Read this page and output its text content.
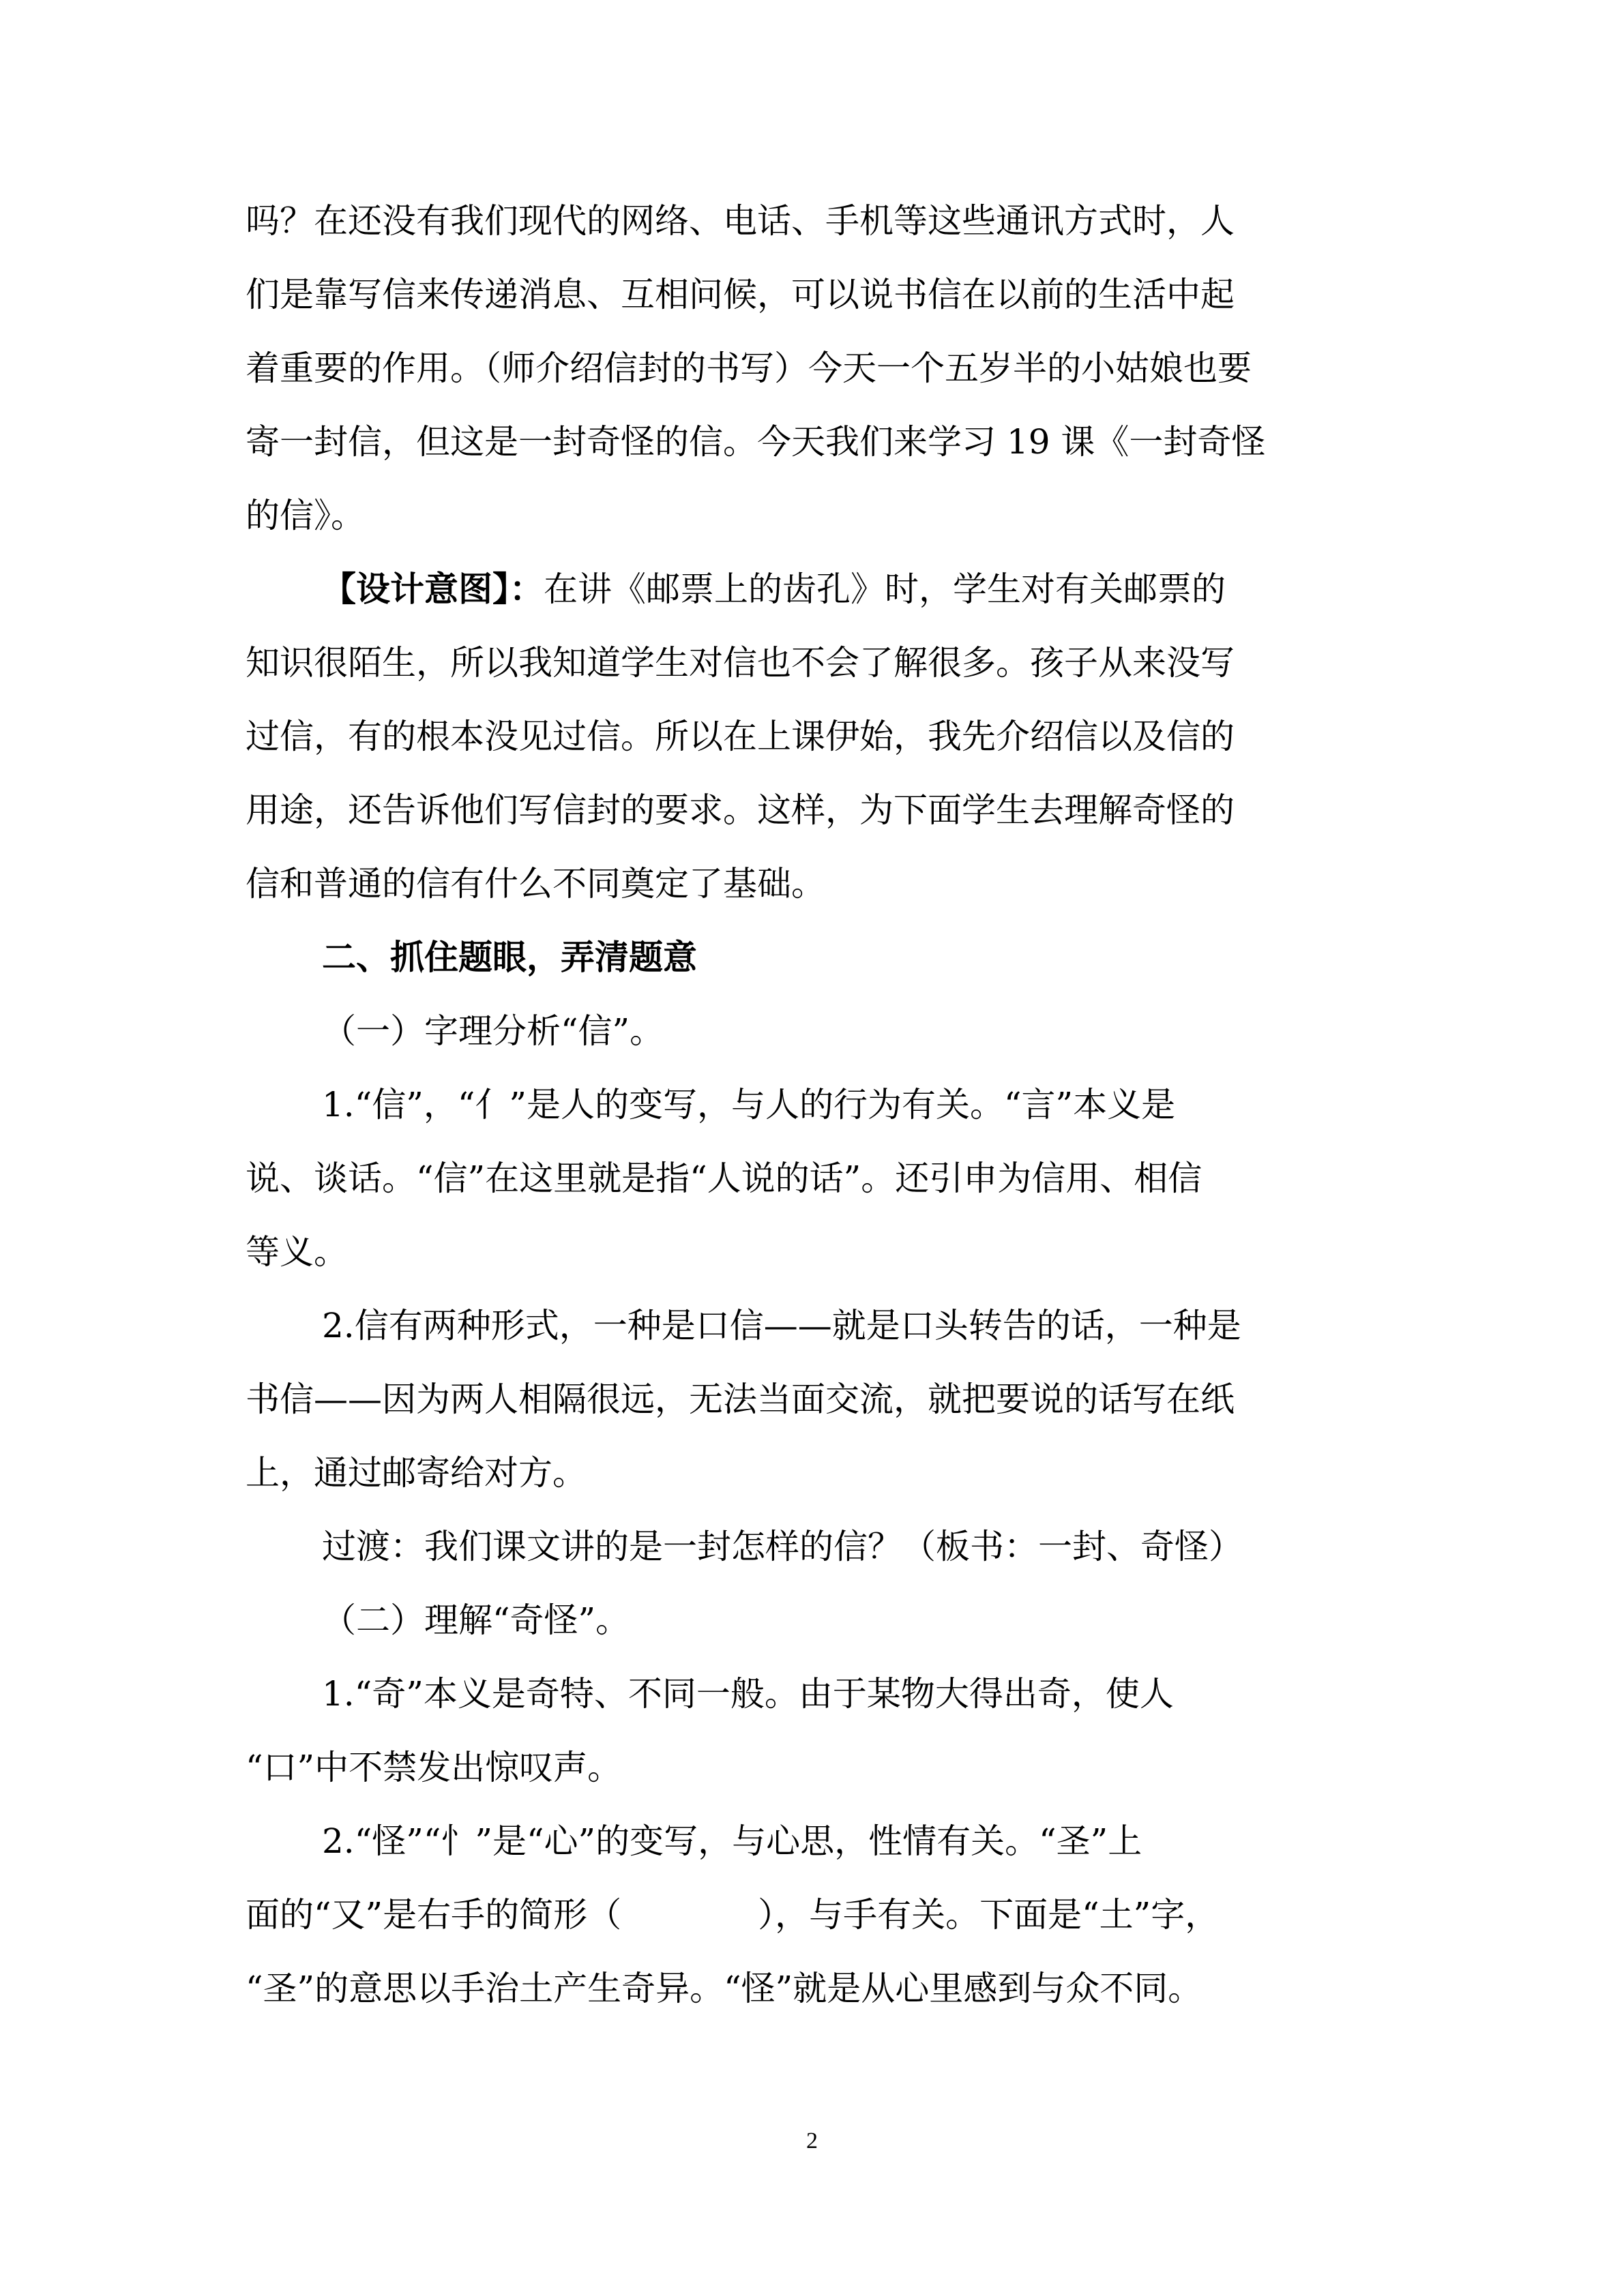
吗？在还没有我们现代的网络、电话、手机等这些通讯方式时，人
们是靠写信来传递消息、互相问候，可以说书信在以前的生活中起
着重要的作用。（师介绍信封的书写）今天一个五岁半的小姑娘也要
寄一封信，但这是一封奇怪的信。今天我们来学习 19 课《一封奇怪
的信》。
【设计意图】：在讲《邮票上的齿孔》时，学生对有关邮票的
知识很陌生，所以我知道学生对信也不会了解很多。孩子从来没写
过信，有的根本没见过信。所以在上课伊始，我先介绍信以及信的
用途，还告诉他们写信封的要求。这样，为下面学生去理解奇怪的
信和普通的信有什么不同奠定了基础。
二、抓住题眼，弄清题意
（一）字理分析“信”。
1.“信”，“亻”是人的变写，与人的行为有关。“言”本义是
说、谈话。“信”在这里就是指“人说的话”。还引申为信用、相信
等义。
2.信有两种形式，一种是口信——就是口头转告的话，一种是
书信——因为两人相隔很远，无法当面交流，就把要说的话写在纸
上，通过邮寄给对方。
过渡：我们课文讲的是一封怎样的信？（板书：一封、奇怪）
（二）理解“奇怪”。
1.“奇”本义是奇特、不同一般。由于某物大得出奇，使人
“口”中不禁发出惊叹声。
2.“怪”“忄”是“心”的变写，与心思，性情有关。“圣”上
面的“又”是右手的简形（　　　　），与手有关。下面是“土”字，
“圣”的意思以手治土产生奇异。“怪”就是从心里感到与众不同。
2
